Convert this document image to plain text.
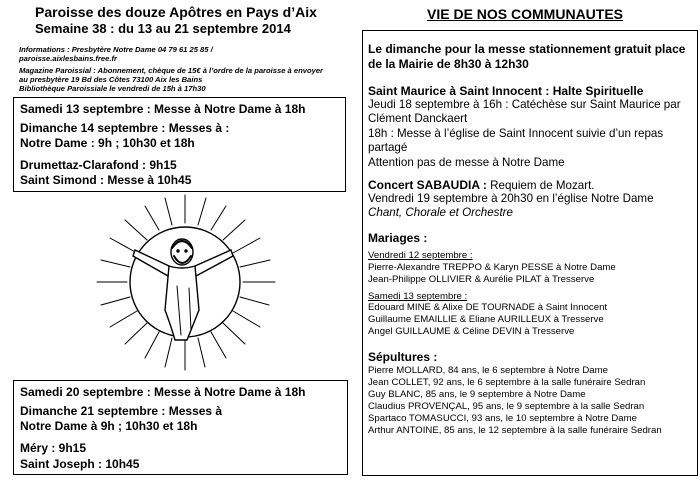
Paroisse des douze Apôtres en Pays d’Aix
Semaine 38 : du 13 au 21 septembre 2014
Informations : Presbytère Notre Dame 04 79 61 25 85 /
paroisse.aixlesbains.free.fr
Magazine Paroissial : Abonnement, chèque de 15€ à l’ordre de la paroisse à envoyer
au presbytère 19 Bd des Côtes 73100 Aix les Bains
Bibliothèque Paroissiale le vendredi de 15h à 17h30
Samedi 13 septembre : Messe à Notre Dame à 18h
Dimanche 14 septembre : Messes à :
Notre Dame : 9h ; 10h30 et 18h
Drumettaz-Clarafond : 9h15
Saint Simond : Messe à 10h45
Samedi 20 septembre : Messe à Notre Dame à 18h
Dimanche 21 septembre : Messes à
Notre Dame à 9h ; 10h30 et 18h
Méry : 9h15
Saint Joseph : 10h45
VIE DE NOS COMMUNAUTES
Le dimanche pour la messe stationnement gratuit place
de la Mairie de 8h30 à 12h30
Saint Maurice à Saint Innocent : Halte Spirituelle
Jeudi 18 septembre à 16h : Catéchèse sur Saint Maurice par
Clément Danckaert
18h : Messe à l’église de Saint Innocent suivie d’un repas
partagé
Attention pas de messe à Notre Dame
Concert SABAUDIA : Requiem de Mozart.
Vendredi 19 septembre à 20h30 en l’église Notre Dame
Chant, Chorale et Orchestre
Mariages :
Vendredi 12 septembre :
Pierre-Alexandre TREPPO & Karyn PESSE à Notre Dame
Jean-Philippe OLLIVIER & Aurélie PILAT à Tresserve
Samedi 13 septembre :
Edouard MINE & Alixe DE TOURNADE à Saint Innocent
Guillaume EMAILLIE & Eliane AURILLEUX à Tresserve
Angel GUILLAUME & Céline DEVIN à Tresserve
Sépultures :
Pierre MOLLARD, 84 ans, le 6 septembre à Notre Dame
Jean COLLET, 92 ans, le 6 septembre à la salle funéraire Sedran
Guy BLANC, 85 ans, le 9 septembre à Notre Dame
Claudius PROVENÇAL, 95 ans, le 9 septembre à la salle Sedran
Spartaco TOMASUCCI, 93 ans, le 10 septembre à Notre Dame
Arthur ANTOINE, 85 ans, le 12 septembre à la salle funéraire Sedran
